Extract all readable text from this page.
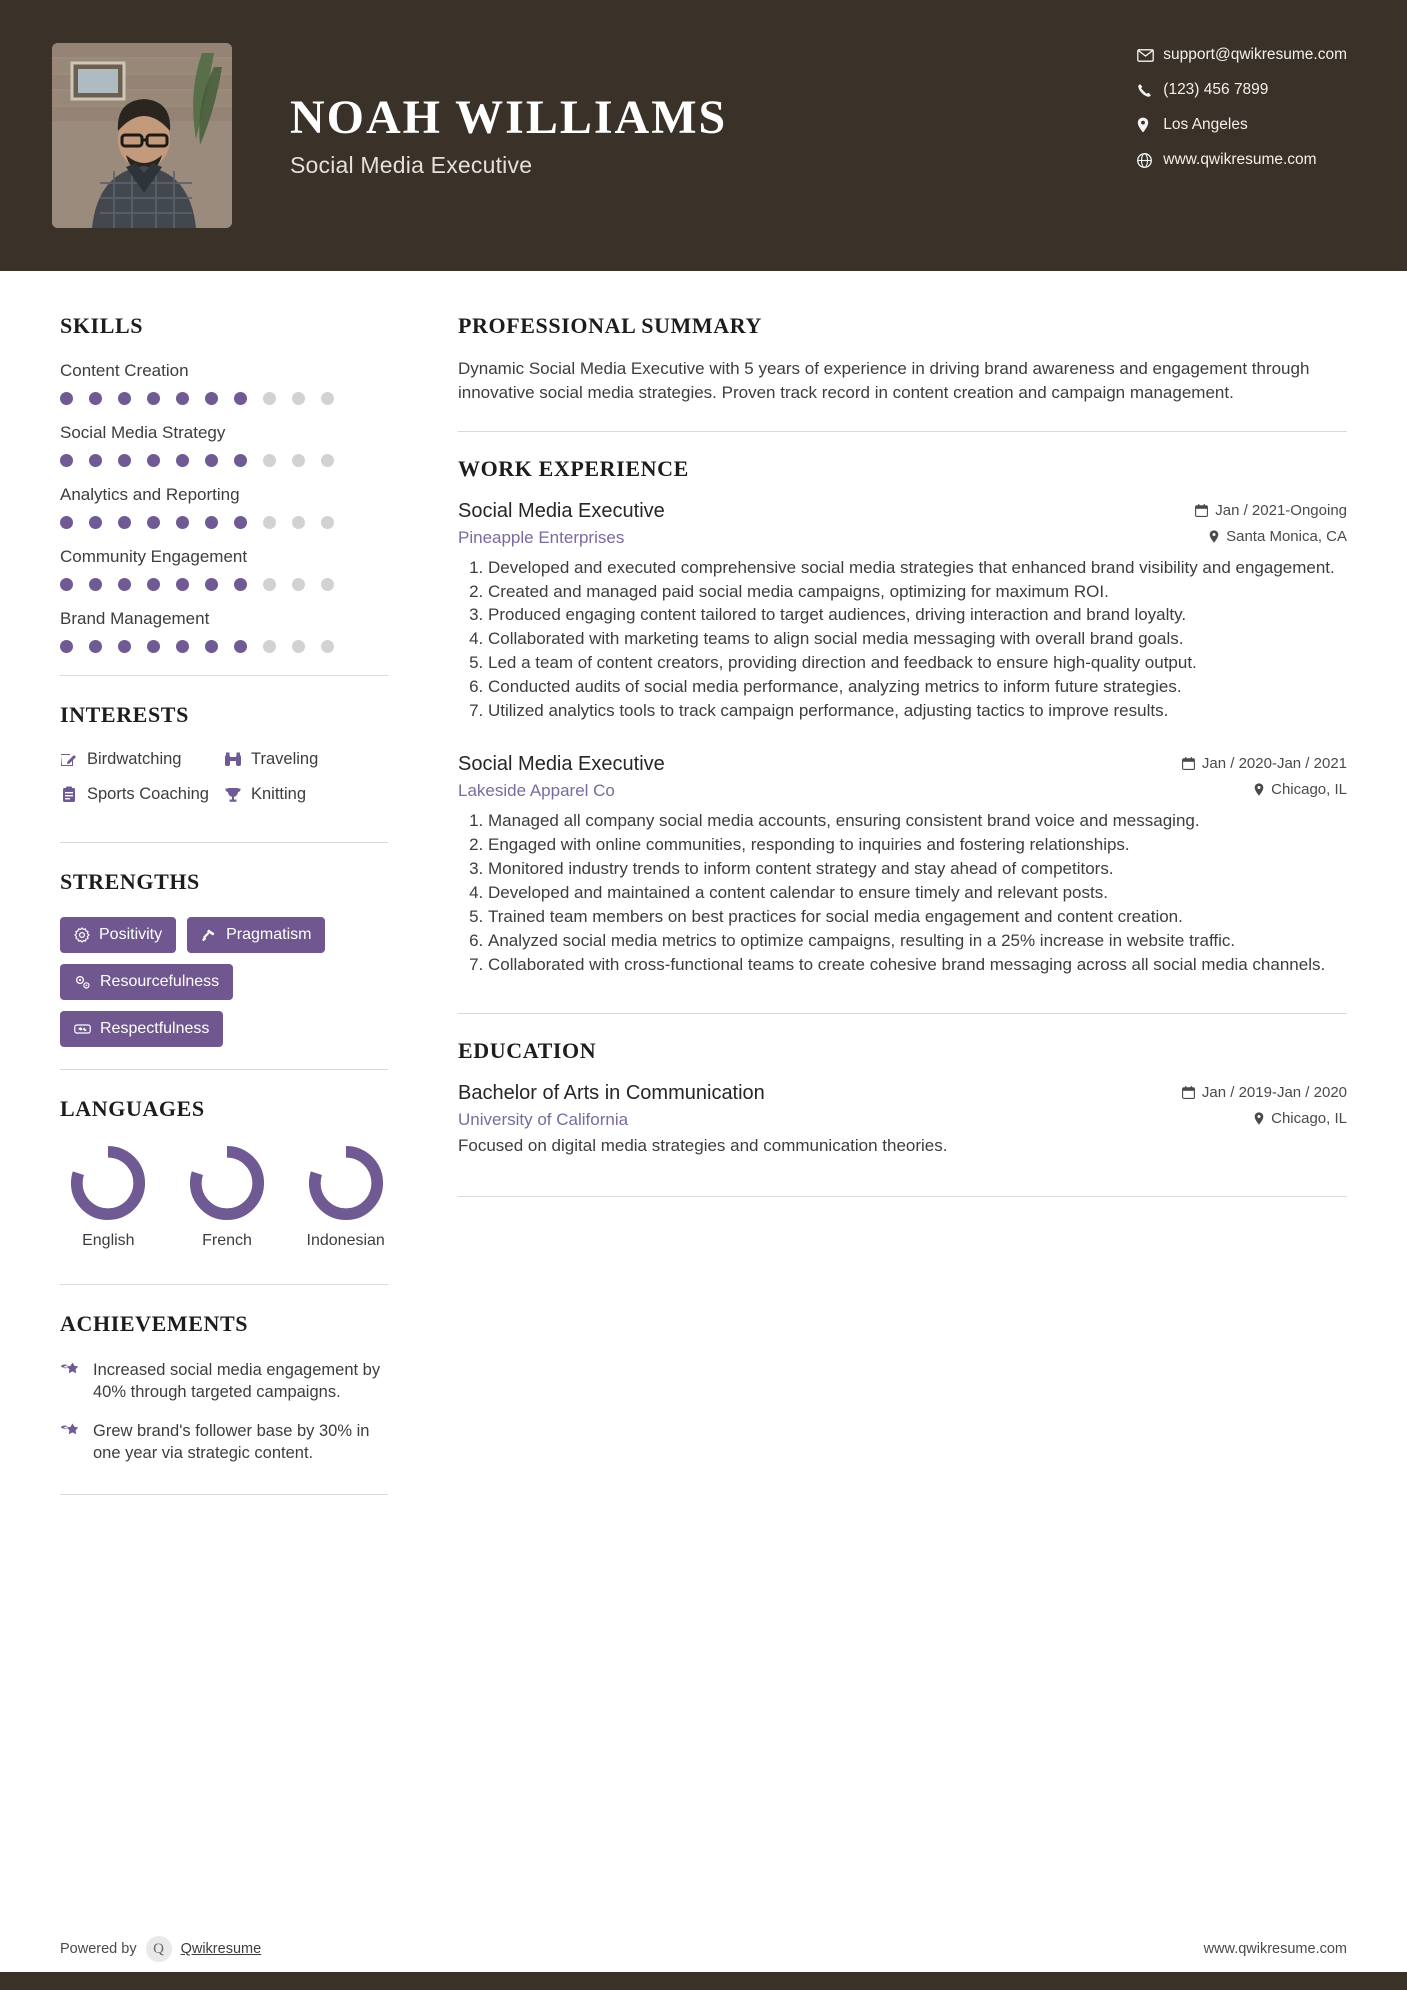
NOAH WILLIAMS
Social Media Executive
support@qwikresume.com
(123) 456 7899
Los Angeles
www.qwikresume.com
SKILLS
Content Creation
Social Media Strategy
Analytics and Reporting
Community Engagement
Brand Management
INTERESTS
Birdwatching	Traveling
Sports Coaching	Knitting
STRENGTHS
Positivity	Pragmatism
Resourcefulness
Respectfulness
LANGUAGES
English	French	Indonesian
ACHIEVEMENTS
Increased social media engagement by 40% through targeted campaigns.
Grew brand's follower base by 30% in one year via strategic content.
PROFESSIONAL SUMMARY
Dynamic Social Media Executive with 5 years of experience in driving brand awareness and engagement through innovative social media strategies. Proven track record in content creation and campaign management.
WORK EXPERIENCE
Social Media Executive	Jan / 2021-Ongoing
Pineapple Enterprises	Santa Monica, CA
1. Developed and executed comprehensive social media strategies that enhanced brand visibility and engagement.
2. Created and managed paid social media campaigns, optimizing for maximum ROI.
3. Produced engaging content tailored to target audiences, driving interaction and brand loyalty.
4. Collaborated with marketing teams to align social media messaging with overall brand goals.
5. Led a team of content creators, providing direction and feedback to ensure high-quality output.
6. Conducted audits of social media performance, analyzing metrics to inform future strategies.
7. Utilized analytics tools to track campaign performance, adjusting tactics to improve results.
Social Media Executive	Jan / 2020-Jan / 2021
Lakeside Apparel Co	Chicago, IL
1. Managed all company social media accounts, ensuring consistent brand voice and messaging.
2. Engaged with online communities, responding to inquiries and fostering relationships.
3. Monitored industry trends to inform content strategy and stay ahead of competitors.
4. Developed and maintained a content calendar to ensure timely and relevant posts.
5. Trained team members on best practices for social media engagement and content creation.
6. Analyzed social media metrics to optimize campaigns, resulting in a 25% increase in website traffic.
7. Collaborated with cross-functional teams to create cohesive brand messaging across all social media channels.
EDUCATION
Bachelor of Arts in Communication	Jan / 2019-Jan / 2020
University of California	Chicago, IL
Focused on digital media strategies and communication theories.
Powered by	Q	Qwikresume	www.qwikresume.com
